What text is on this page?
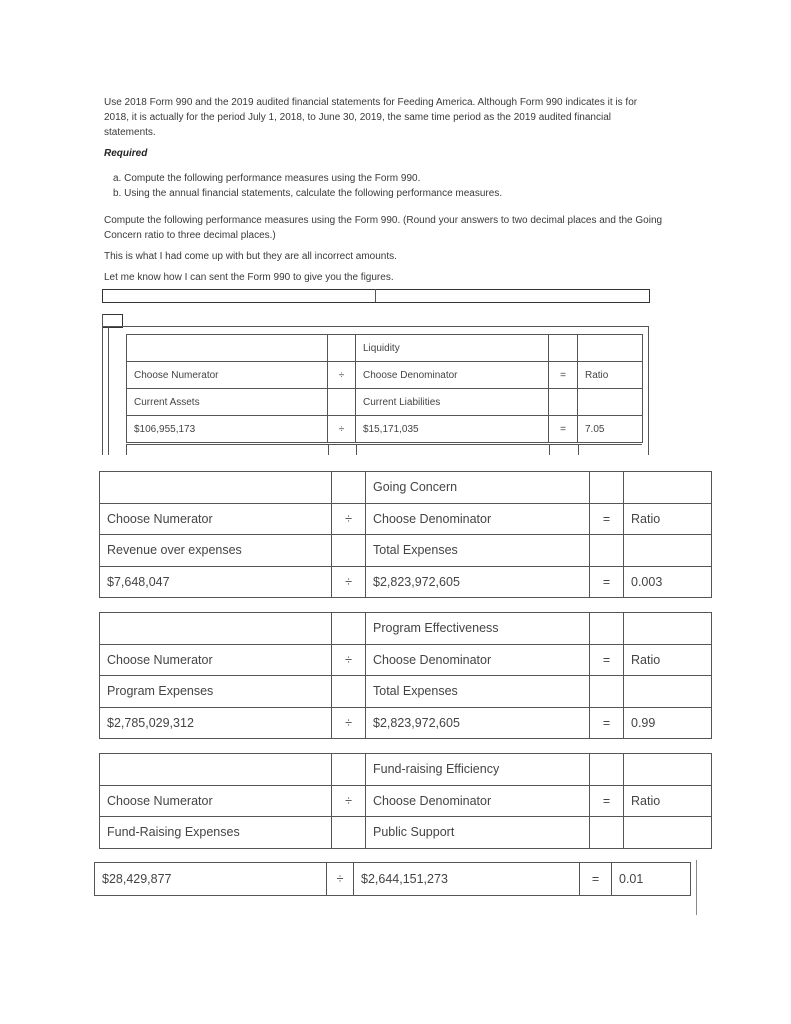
Use 2018 Form 990 and the 2019 audited financial statements for Feeding America. Although Form 990 indicates it is for 2018, it is actually for the period July 1, 2018, to June 30, 2019, the same time period as the 2019 audited financial statements.
Required
a. Compute the following performance measures using the Form 990.
b. Using the annual financial statements, calculate the following performance measures.
Compute the following performance measures using the Form 990. (Round your answers to two decimal places and the Going Concern ratio to three decimal places.)
This is what I had come up with but they are all incorrect amounts.
Let me know how I can sent the Form 990 to give you the figures.
		Liquidity		
Choose Numerator	÷	Choose Denominator	=	Ratio
Current Assets		Current Liabilities		
$106,955,173	÷	$15,171,035	=	7.05
		Going Concern		
Choose Numerator	÷	Choose Denominator	=	Ratio
Revenue over expenses		Total Expenses		
$7,648,047	÷	$2,823,972,605	=	0.003
		Program Effectiveness		
Choose Numerator	÷	Choose Denominator	=	Ratio
Program Expenses		Total Expenses		
$2,785,029,312	÷	$2,823,972,605	=	0.99
		Fund-raising Efficiency		
Choose Numerator	÷	Choose Denominator	=	Ratio
Fund-Raising Expenses		Public Support		
$28,429,877	÷	$2,644,151,273	=	0.01
